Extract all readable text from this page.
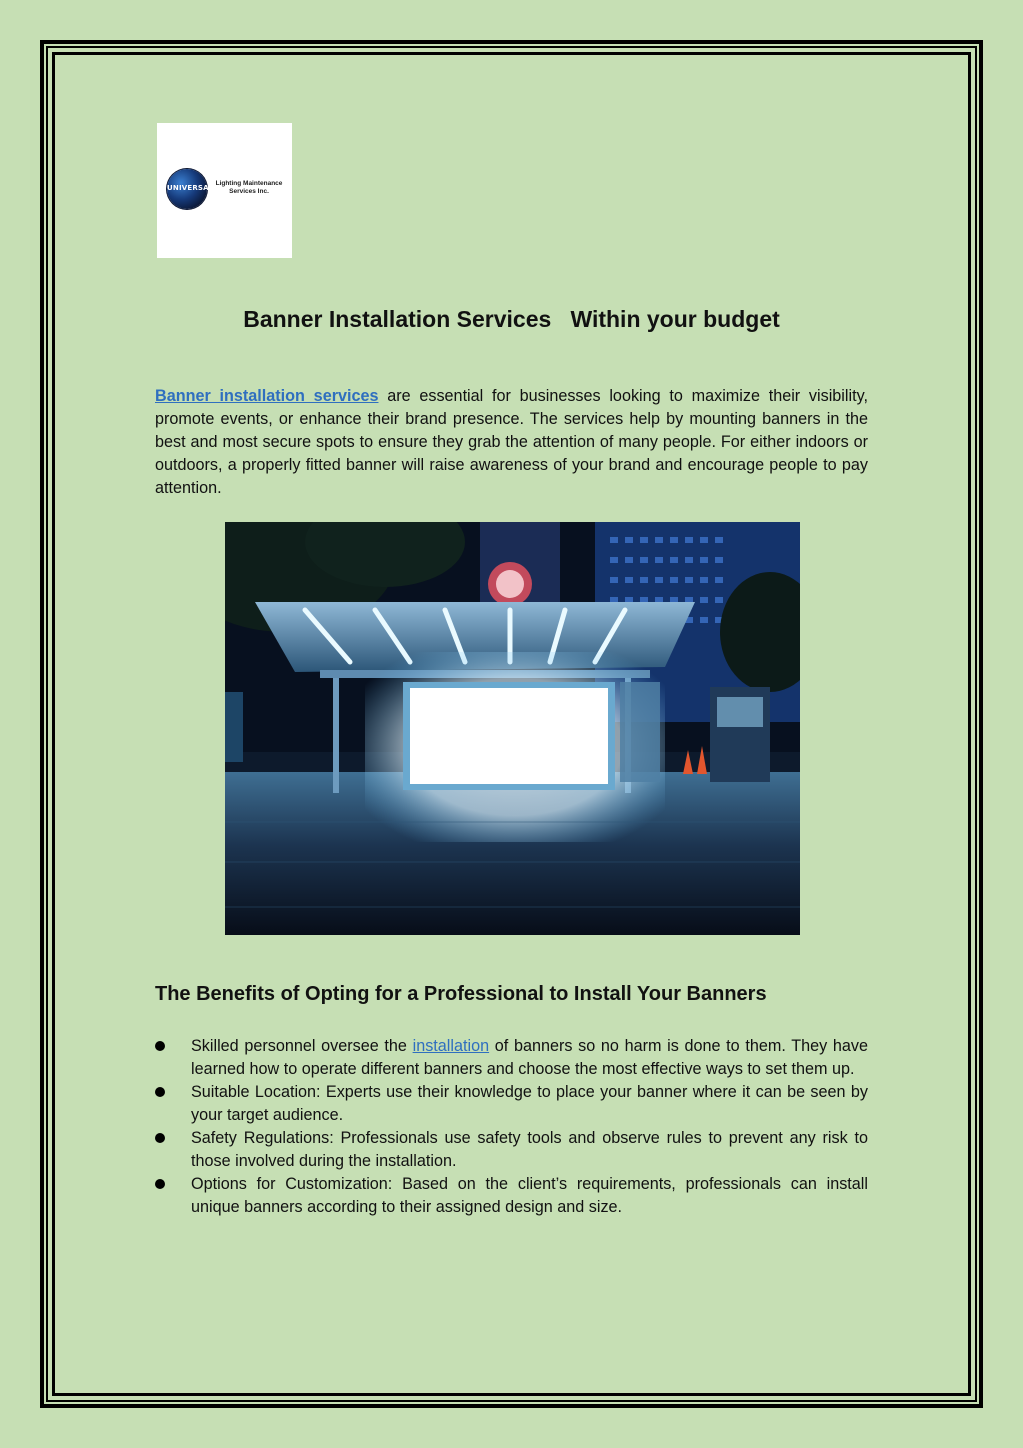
UNIVERSAL
Lighting Maintenance
Services Inc.
Banner Installation Services   Within your budget

Banner installation services are essential for businesses looking to maximize their visibility, promote events, or enhance their brand presence. The services help by mounting banners in the best and most secure spots to ensure they grab the attention of many people. For either indoors or outdoors, a properly fitted banner will raise awareness of your brand and encourage people to pay attention.

The Benefits of Opting for a Professional to Install Your Banners
Skilled personnel oversee the installation of banners so no harm is done to them. They have learned how to operate different banners and choose the most effective ways to set them up.
Suitable Location: Experts use their knowledge to place your banner where it can be seen by your target audience.
Safety Regulations: Professionals use safety tools and observe rules to prevent any risk to those involved during the installation.
Options for Customization: Based on the client’s requirements, professionals can install unique banners according to their assigned design and size.
